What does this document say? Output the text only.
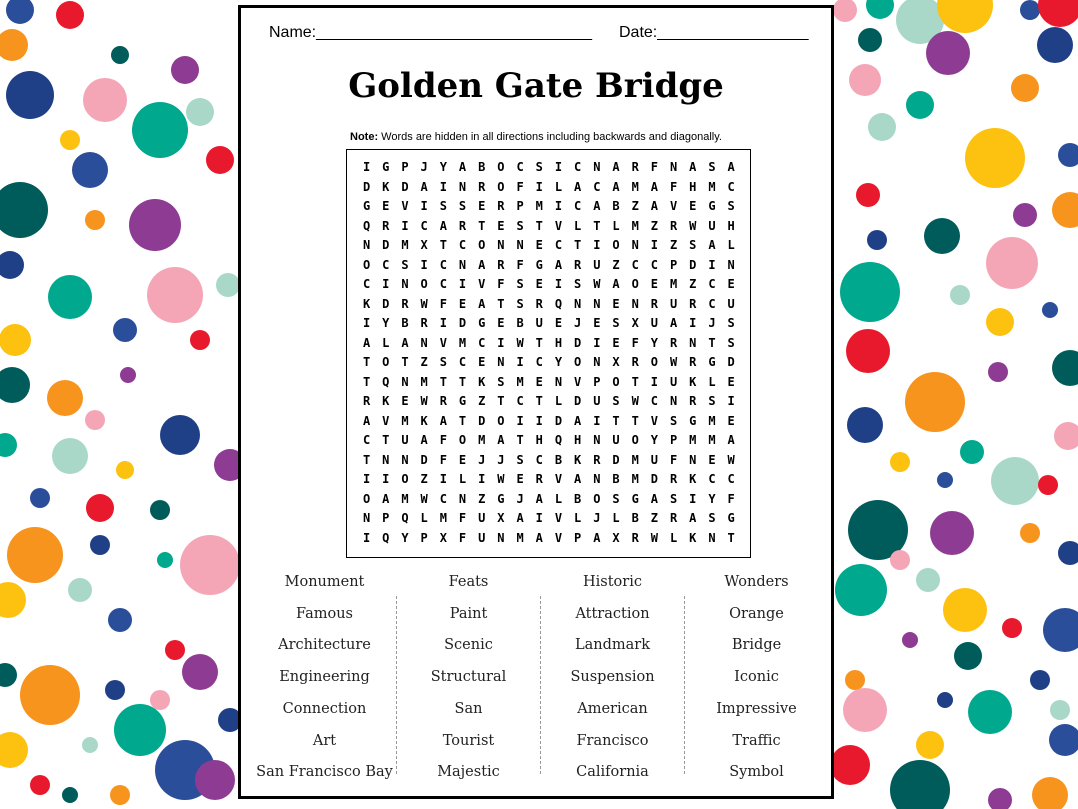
Name:_______________________________ Date:_________________
Golden Gate Bridge
Note: Words are hidden in all directions including backwards and diagonally.
I G P J Y A B O C S I C N A R F N A S A
D K D A I N R O F I L A C A M A F H M C
G E V I S S E R P M I C A B Z A V E G S
Q R I C A R T E S T V L T L M Z R W U H
N D M X T C O N N E C T I O N I Z S A L
O C S I C N A R F G A R U Z C C P D I N
C I N O C I V F S E I S W A O E M Z C E
K D R W F E A T S R Q N N E N R U R C U
I Y B R I D G E B U E J E S X U A I J S
A L A N V M C I W T H D I E F Y R N T S
T O T Z S C E N I C Y O N X R O W R G D
T Q N M T T K S M E N V P O T I U K L E
R K E W R G Z T C T L D U S W C N R S I
A V M K A T D O I I D A I T T V S G M E
C T U A F O M A T H Q H N U O Y P M M A
T N N D F E J J S C B K R D M U F N E W
I I O Z I L I W E R V A N B M D R K C C
O A M W C N Z G J A L B O S G A S I Y F
N P Q L M F U X A I V L J L B Z R A S G
I Q Y P X F U N M A V P A X R W L K N T
Monument
Famous
Architecture
Engineering
Connection
Art
San Francisco Bay
Feats
Paint
Scenic
Structural
San
Tourist
Majestic
Historic
Attraction
Landmark
Suspension
American
Francisco
California
Wonders
Orange
Bridge
Iconic
Impressive
Traffic
Symbol
